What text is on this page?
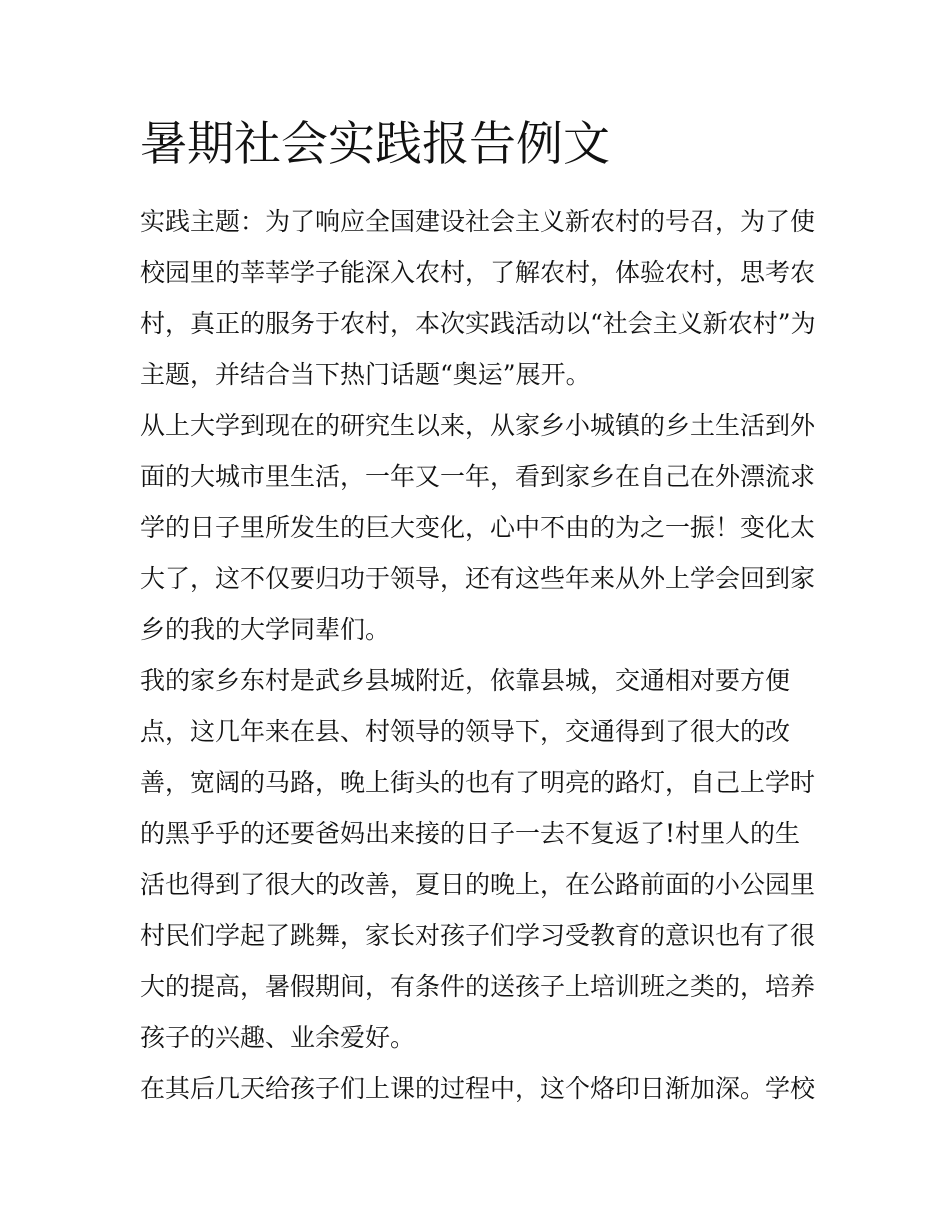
暑期社会实践报告例文

实践主题：为了响应全国建设社会主义新农村的号召，为了使
校园里的莘莘学子能深入农村，了解农村，体验农村，思考农
村，真正的服务于农村，本次实践活动以“社会主义新农村”为
主题，并结合当下热门话题“奥运”展开。

从上大学到现在的研究生以来，从家乡小城镇的乡土生活到外
面的大城市里生活，一年又一年，看到家乡在自己在外漂流求
学的日子里所发生的巨大变化，心中不由的为之一振！变化太
大了，这不仅要归功于领导，还有这些年来从外上学会回到家
乡的我的大学同辈们。

我的家乡东村是武乡县城附近，依靠县城，交通相对要方便
点，这几年来在县、村领导的领导下，交通得到了很大的改
善，宽阔的马路，晚上街头的也有了明亮的路灯，自己上学时
的黑乎乎的还要爸妈出来接的日子一去不复返了!村里人的生
活也得到了很大的改善，夏日的晚上，在公路前面的小公园里
村民们学起了跳舞，家长对孩子们学习受教育的意识也有了很
大的提高，暑假期间，有条件的送孩子上培训班之类的，培养
孩子的兴趣、业余爱好。

在其后几天给孩子们上课的过程中，这个烙印日渐加深。学校
